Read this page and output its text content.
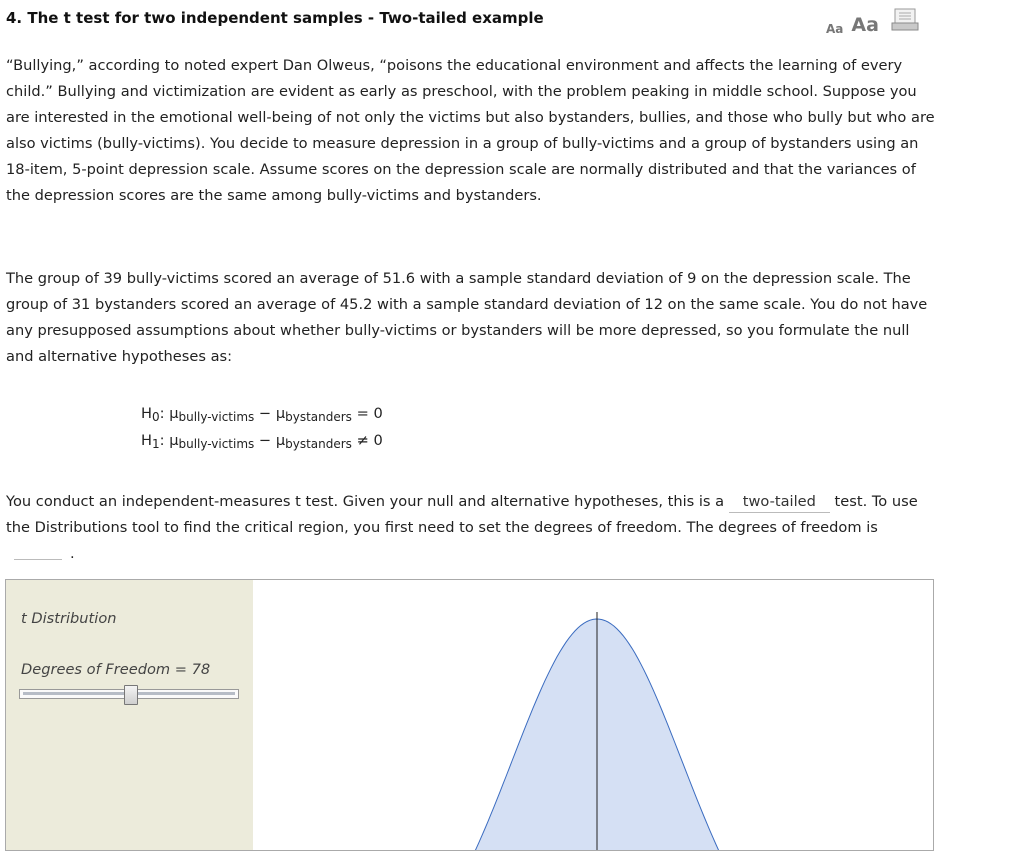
4. The t test for two independent samples - Two-tailed example
Aa Aa

“Bullying,” according to noted expert Dan Olweus, “poisons the educational environment and affects the learning of every child.” Bullying and victimization are evident as early as preschool, with the problem peaking in middle school. Suppose you are interested in the emotional well-being of not only the victims but also bystanders, bullies, and those who bully but who are also victims (bully-victims). You decide to measure depression in a group of bully-victims and a group of bystanders using an 18-item, 5-point depression scale. Assume scores on the depression scale are normally distributed and that the variances of the depression scores are the same among bully-victims and bystanders.

The group of 39 bully-victims scored an average of 51.6 with a sample standard deviation of 9 on the depression scale. The group of 31 bystanders scored an average of 45.2 with a sample standard deviation of 12 on the same scale. You do not have any presupposed assumptions about whether bully-victims or bystanders will be more depressed, so you formulate the null and alternative hypotheses as:

$H_0$: $\mu_{bully-victims} - \mu_{bystanders} = 0$
$H_1$: $\mu_{bully-victims} - \mu_{bystanders} \ne 0$

You conduct an independent-measures t test. Given your null and alternative hypotheses, this is a two-tailed test. To use the Distributions tool to find the critical region, you first need to set the degrees of freedom. The degrees of freedom is .

t Distribution
Degrees of Freedom = 78
